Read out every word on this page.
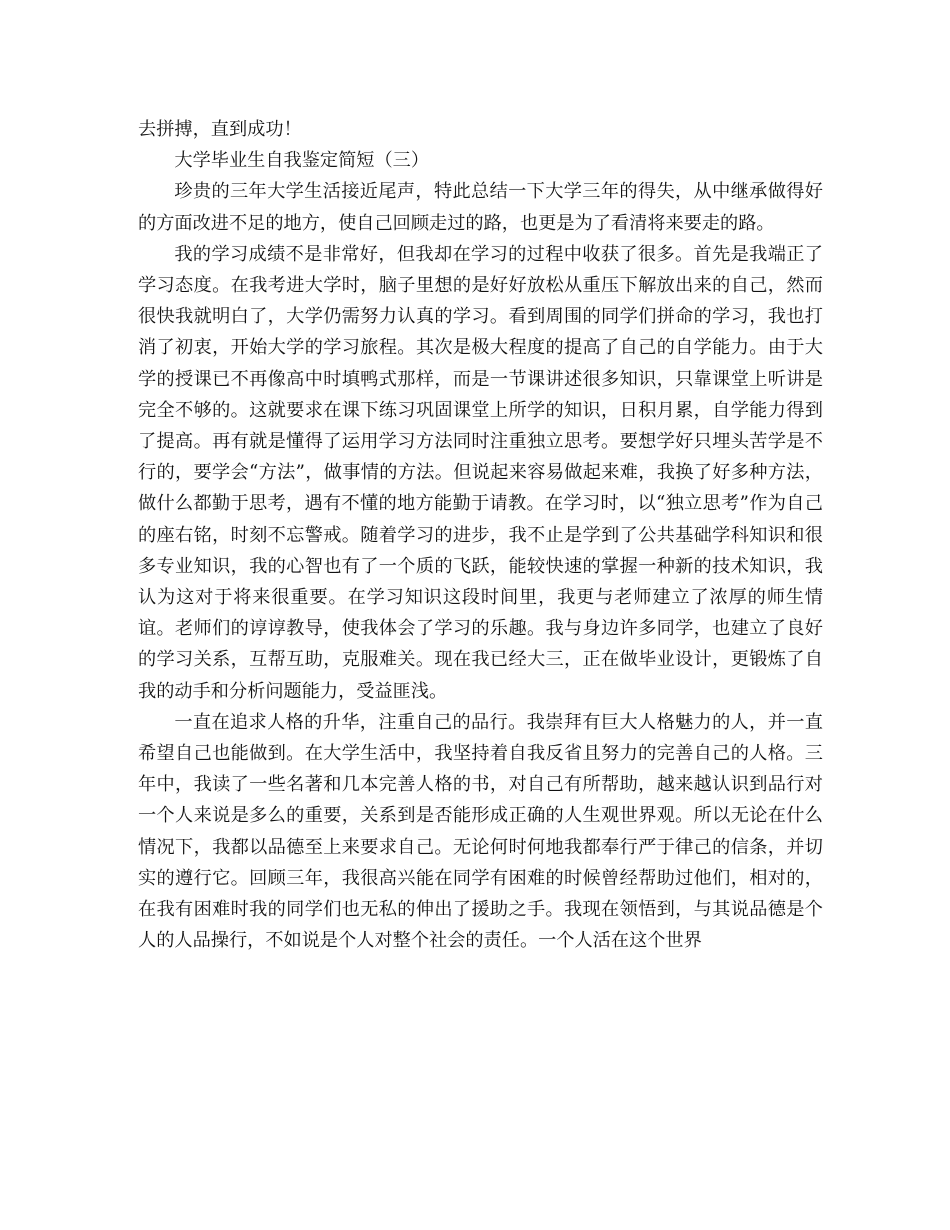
去拼搏，直到成功！

大学毕业生自我鉴定简短（三）

珍贵的三年大学生活接近尾声，特此总结一下大学三年的得失，从中继承做得好的方面改进不足的地方，使自己回顾走过的路，也更是为了看清将来要走的路。

我的学习成绩不是非常好，但我却在学习的过程中收获了很多。首先是我端正了学习态度。在我考进大学时，脑子里想的是好好放松从重压下解放出来的自己，然而很快我就明白了，大学仍需努力认真的学习。看到周围的同学们拼命的学习，我也打消了初衷，开始大学的学习旅程。其次是极大程度的提高了自己的自学能力。由于大学的授课已不再像高中时填鸭式那样，而是一节课讲述很多知识，只靠课堂上听讲是完全不够的。这就要求在课下练习巩固课堂上所学的知识，日积月累，自学能力得到了提高。再有就是懂得了运用学习方法同时注重独立思考。要想学好只埋头苦学是不行的，要学会“方法”，做事情的方法。但说起来容易做起来难，我换了好多种方法，做什么都勤于思考，遇有不懂的地方能勤于请教。在学习时，以“独立思考”作为自己的座右铭，时刻不忘警戒。随着学习的进步，我不止是学到了公共基础学科知识和很多专业知识，我的心智也有了一个质的飞跃，能较快速的掌握一种新的技术知识，我认为这对于将来很重要。在学习知识这段时间里，我更与老师建立了浓厚的师生情谊。老师们的谆谆教导，使我体会了学习的乐趣。我与身边许多同学，也建立了良好的学习关系，互帮互助，克服难关。现在我已经大三，正在做毕业设计，更锻炼了自我的动手和分析问题能力，受益匪浅。

一直在追求人格的升华，注重自己的品行。我崇拜有巨大人格魅力的人，并一直希望自己也能做到。在大学生活中，我坚持着自我反省且努力的完善自己的人格。三年中，我读了一些名著和几本完善人格的书，对自己有所帮助，越来越认识到品行对一个人来说是多么的重要，关系到是否能形成正确的人生观世界观。所以无论在什么情况下，我都以品德至上来要求自己。无论何时何地我都奉行严于律己的信条，并切实的遵行它。回顾三年，我很高兴能在同学有困难的时候曾经帮助过他们，相对的，在我有困难时我的同学们也无私的伸出了援助之手。我现在领悟到，与其说品德是个人的人品操行，不如说是个人对整个社会的责任。一个人活在这个世界
